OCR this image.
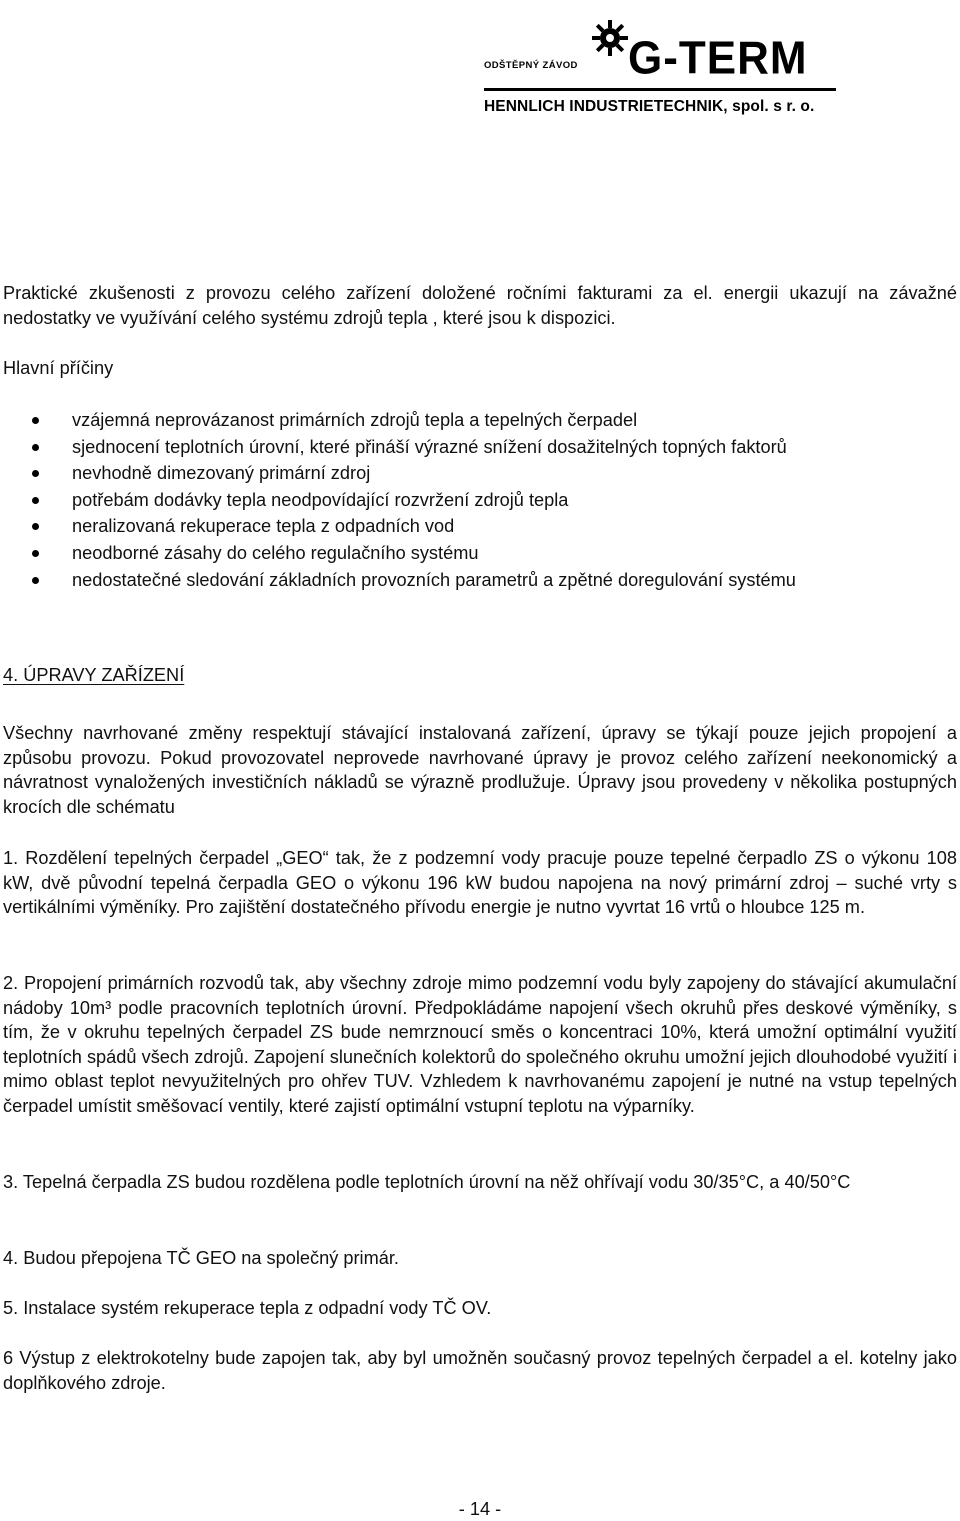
ODŠTĚPNÝ ZÁVOD G-TERM
HENNLICH INDUSTRIETECHNIK, spol. s r. o.

Praktické zkušenosti z provozu celého zařízení doložené ročními fakturami za el. energii ukazují na závažné nedostatky ve využívání celého systému zdrojů tepla , které jsou k dispozici.

Hlavní příčiny

vzájemná neprovázanost primárních zdrojů tepla a tepelných čerpadel
sjednocení teplotních úrovní, které přináší výrazné snížení dosažitelných topných faktorů
nevhodně dimezovaný primární zdroj
potřebám dodávky tepla neodpovídající rozvržení zdrojů tepla
neralizovaná rekuperace tepla z odpadních vod
neodborné zásahy do celého regulačního systému
nedostatečné sledování základních provozních parametrů a zpětné doregulování systému
4. ÚPRAVY ZAŘÍZENÍ

Všechny navrhované změny respektují stávající instalovaná zařízení, úpravy se týkají pouze jejich propojení a způsobu provozu. Pokud provozovatel neprovede navrhované úpravy je provoz celého zařízení neekonomický a návratnost vynaložených investičních nákladů se výrazně prodlužuje. Úpravy jsou provedeny v několika postupných krocích dle schématu

1. Rozdělení tepelných čerpadel „GEO“ tak, že z podzemní vody pracuje pouze tepelné čerpadlo ZS o výkonu 108 kW, dvě původní tepelná čerpadla GEO o výkonu 196 kW budou napojena na nový primární zdroj – suché vrty s vertikálními výměníky. Pro zajištění dostatečného přívodu energie je nutno vyvrtat 16 vrtů o hloubce 125 m.

2. Propojení primárních rozvodů tak, aby všechny zdroje mimo podzemní vodu byly zapojeny do stávající akumulační nádoby 10m³ podle pracovních teplotních úrovní. Předpokládáme napojení všech okruhů přes deskové výměníky, s tím, že v okruhu tepelných čerpadel ZS bude nemrznoucí směs o koncentraci 10%, která umožní optimální využití teplotních spádů všech zdrojů. Zapojení slunečních kolektorů do společného okruhu umožní jejich dlouhodobé využití i mimo oblast teplot nevyužitelných pro ohřev TUV. Vzhledem k navrhovanému zapojení je nutné na vstup tepelných čerpadel umístit směšovací ventily, které zajistí optimální vstupní teplotu na výparníky.

3. Tepelná čerpadla ZS budou rozdělena podle teplotních úrovní na něž ohřívají vodu 30/35°C, a 40/50°C

4. Budou přepojena TČ GEO na společný primár.

5. Instalace systém rekuperace tepla z odpadní vody TČ OV.

6 Výstup z elektrokotelny bude zapojen tak, aby byl umožněn současný provoz tepelných čerpadel a el. kotelny jako doplňkového zdroje.

- 14 -
